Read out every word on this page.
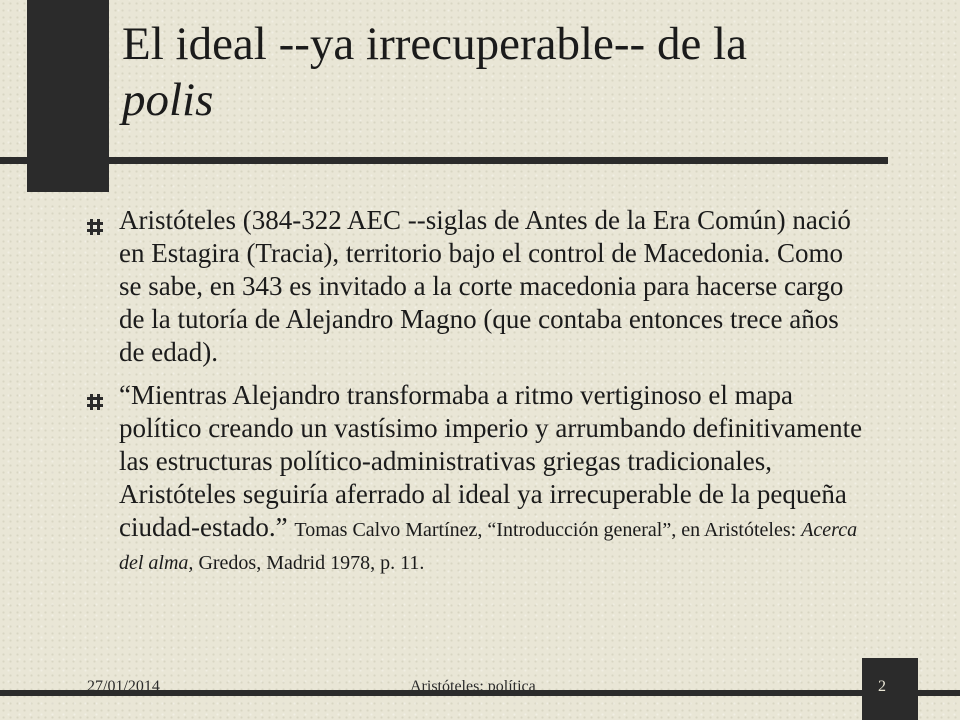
El ideal --ya irrecuperable-- de la
polis
Aristóteles (384-322 AEC --siglas de Antes de la Era Común) nació en Estagira (Tracia), territorio bajo el control de Macedonia. Como se sabe, en 343 es invitado a la corte macedonia para hacerse cargo de la tutoría de Alejandro Magno (que contaba entonces trece años de edad).
“Mientras Alejandro transformaba a ritmo vertiginoso el mapa político creando un vastísimo imperio y arrumbando definitivamente las estructuras político-administrativas griegas tradicionales, Aristóteles seguiría aferrado al ideal ya irrecuperable de la pequeña ciudad-estado.” Tomas Calvo Martínez, “Introducción general”, en Aristóteles: Acerca del alma, Gredos, Madrid 1978, p. 11.
27/01/2014	Aristóteles: política	2
